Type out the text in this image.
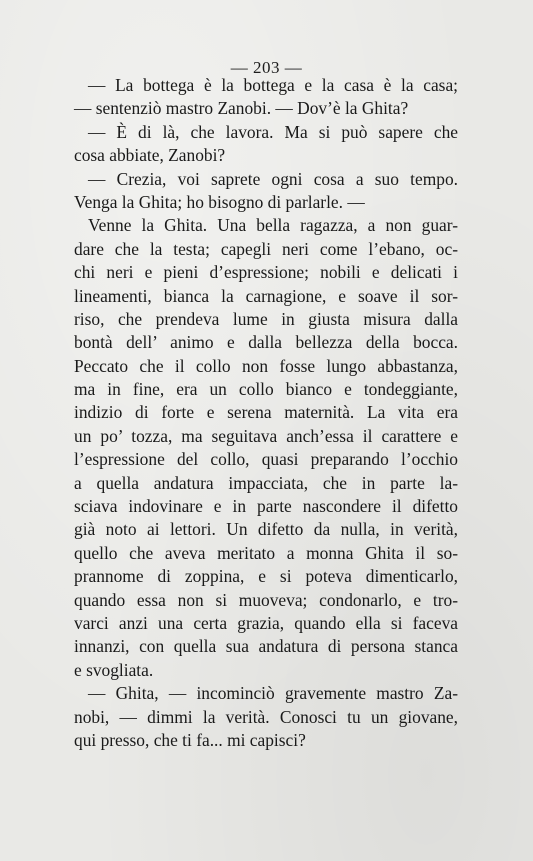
— 203 —
— La bottega è la bottega e la casa è la casa;
— sentenziò mastro Zanobi. — Dov’è la Ghita?
— È di là, che lavora. Ma si può sapere che
cosa abbiate, Zanobi?
— Crezia, voi saprete ogni cosa a suo tempo.
Venga la Ghita; ho bisogno di parlarle. —
Venne la Ghita. Una bella ragazza, a non guar-
dare che la testa; capegli neri come l’ebano, oc-
chi neri e pieni d’espressione; nobili e delicati i
lineamenti, bianca la carnagione, e soave il sor-
riso, che prendeva lume in giusta misura dalla
bontà dell’ animo e dalla bellezza della bocca.
Peccato che il collo non fosse lungo abbastanza,
ma in fine, era un collo bianco e tondeggiante,
indizio di forte e serena maternità. La vita era
un po’ tozza, ma seguitava anch’essa il carattere e
l’espressione del collo, quasi preparando l’occhio
a quella andatura impacciata, che in parte la-
sciava indovinare e in parte nascondere il difetto
già noto ai lettori. Un difetto da nulla, in verità,
quello che aveva meritato a monna Ghita il so-
prannome di zoppina, e si poteva dimenticarlo,
quando essa non si muoveva; condonarlo, e tro-
varci anzi una certa grazia, quando ella si faceva
innanzi, con quella sua andatura di persona stanca
e svogliata.
— Ghita, — incominciò gravemente mastro Za-
nobi, — dimmi la verità. Conosci tu un giovane,
qui presso, che ti fa... mi capisci?
